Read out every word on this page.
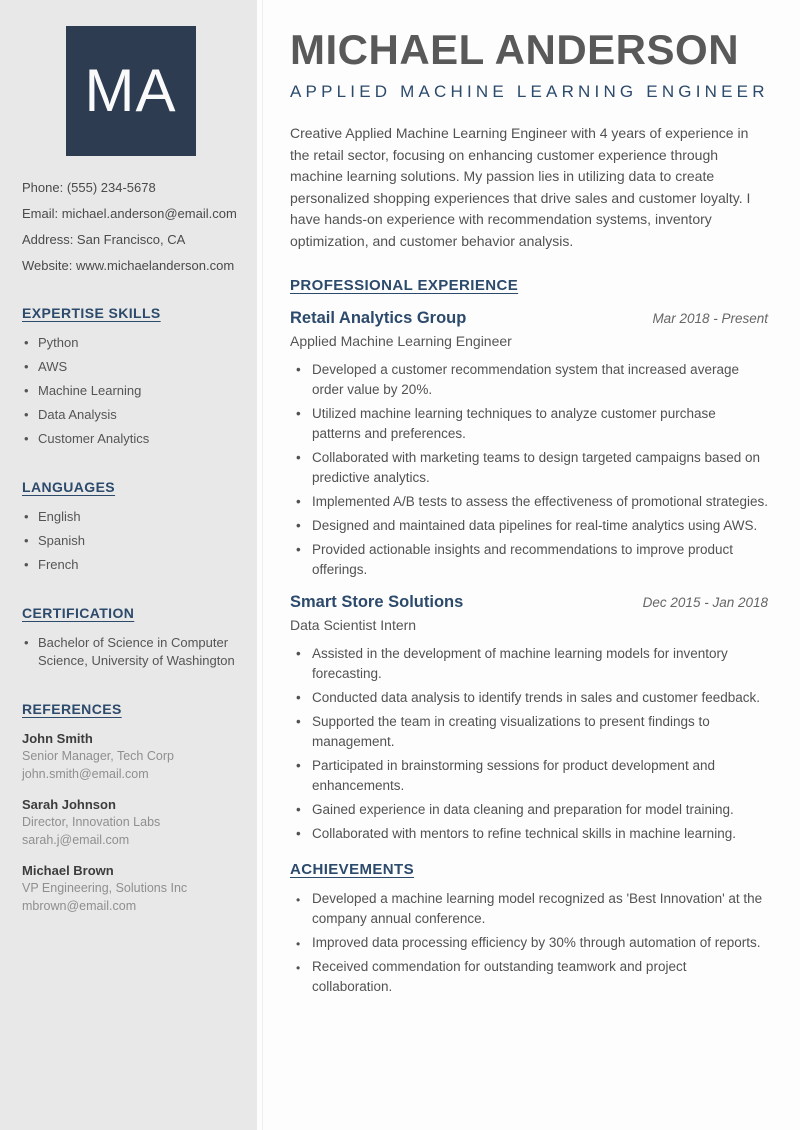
MA
Phone: (555) 234-5678
Email: michael.anderson@email.com
Address: San Francisco, CA
Website: www.michaelanderson.com
EXPERTISE SKILLS
• Python
• AWS
• Machine Learning
• Data Analysis
• Customer Analytics
LANGUAGES
• English
• Spanish
• French
CERTIFICATION
• Bachelor of Science in Computer Science, University of Washington
REFERENCES
John Smith
Senior Manager, Tech Corp
john.smith@email.com
Sarah Johnson
Director, Innovation Labs
sarah.j@email.com
Michael Brown
VP Engineering, Solutions Inc
mbrown@email.com
MICHAEL ANDERSON
APPLIED MACHINE LEARNING ENGINEER

Creative Applied Machine Learning Engineer with 4 years of experience in the retail sector, focusing on enhancing customer experience through machine learning solutions. My passion lies in utilizing data to create personalized shopping experiences that drive sales and customer loyalty. I have hands-on experience with recommendation systems, inventory optimization, and customer behavior analysis.

PROFESSIONAL EXPERIENCE
Retail Analytics Group	Mar 2018 - Present
Applied Machine Learning Engineer
• Developed a customer recommendation system that increased average order value by 20%.
• Utilized machine learning techniques to analyze customer purchase patterns and preferences.
• Collaborated with marketing teams to design targeted campaigns based on predictive analytics.
• Implemented A/B tests to assess the effectiveness of promotional strategies.
• Designed and maintained data pipelines for real-time analytics using AWS.
• Provided actionable insights and recommendations to improve product offerings.
Smart Store Solutions	Dec 2015 - Jan 2018
Data Scientist Intern
• Assisted in the development of machine learning models for inventory forecasting.
• Conducted data analysis to identify trends in sales and customer feedback.
• Supported the team in creating visualizations to present findings to management.
• Participated in brainstorming sessions for product development and enhancements.
• Gained experience in data cleaning and preparation for model training.
• Collaborated with mentors to refine technical skills in machine learning.
ACHIEVEMENTS
• Developed a machine learning model recognized as 'Best Innovation' at the company annual conference.
• Improved data processing efficiency by 30% through automation of reports.
• Received commendation for outstanding teamwork and project collaboration.
